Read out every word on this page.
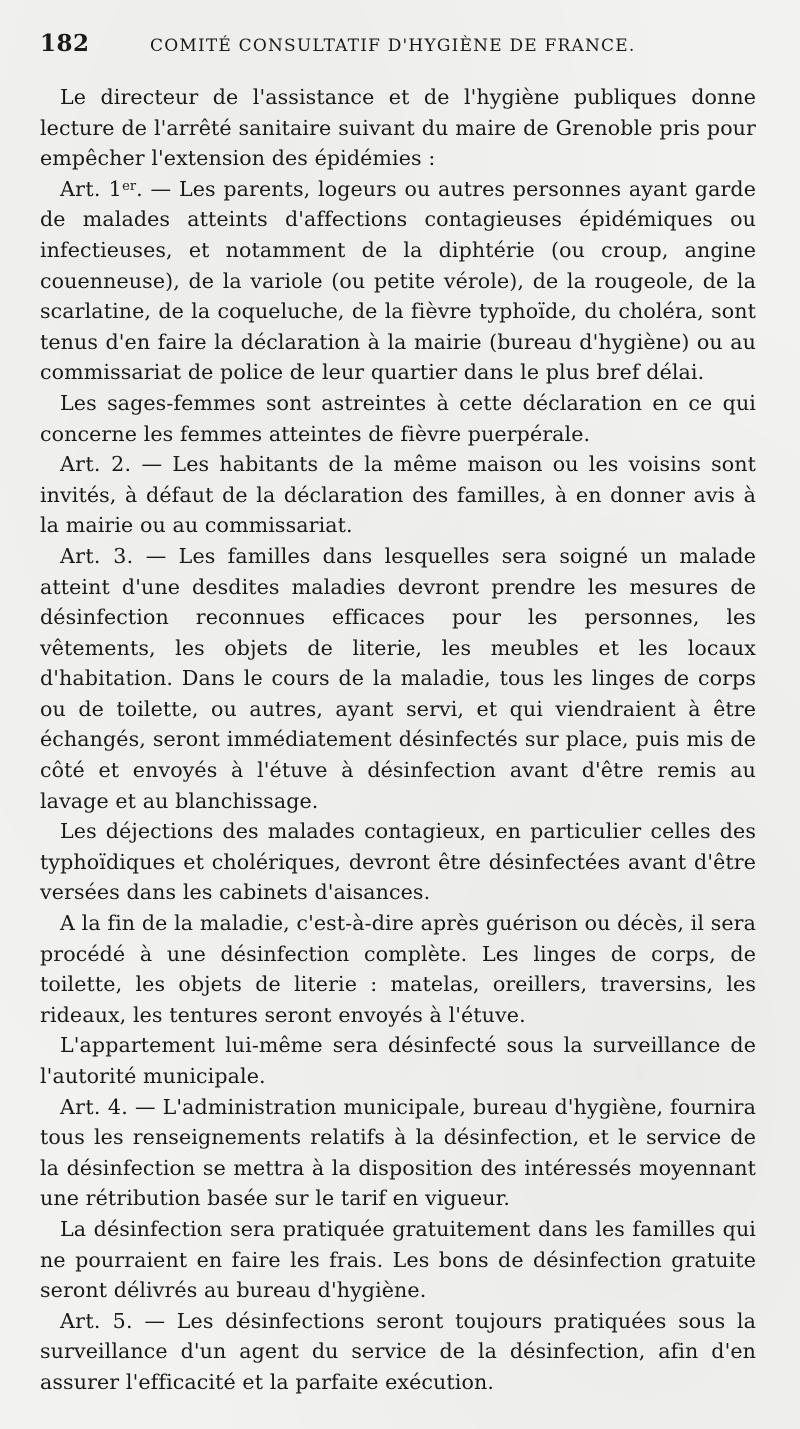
182	COMITÉ CONSULTATIF D'HYGIÈNE DE FRANCE.

Le directeur de l'assistance et de l'hygiène publiques donne lecture de l'arrêté sanitaire suivant du maire de Grenoble pris pour empêcher l'extension des épidémies :

Art. 1er. — Les parents, logeurs ou autres personnes ayant garde de malades atteints d'affections contagieuses épidémiques ou infectieuses, et notamment de la diphtérie (ou croup, angine couenneuse), de la variole (ou petite vérole), de la rougeole, de la scarlatine, de la coqueluche, de la fièvre typhoïde, du choléra, sont tenus d'en faire la déclaration à la mairie (bureau d'hygiène) ou au commissariat de police de leur quartier dans le plus bref délai.

Les sages-femmes sont astreintes à cette déclaration en ce qui concerne les femmes atteintes de fièvre puerpérale.

Art. 2. — Les habitants de la même maison ou les voisins sont invités, à défaut de la déclaration des familles, à en donner avis à la mairie ou au commissariat.

Art. 3. — Les familles dans lesquelles sera soigné un malade atteint d'une desdites maladies devront prendre les mesures de désinfection reconnues efficaces pour les personnes, les vêtements, les objets de literie, les meubles et les locaux d'habitation. Dans le cours de la maladie, tous les linges de corps ou de toilette, ou autres, ayant servi, et qui viendraient à être échangés, seront immédiatement désinfectés sur place, puis mis de côté et envoyés à l'étuve à désinfection avant d'être remis au lavage et au blanchissage.

Les déjections des malades contagieux, en particulier celles des typhoïdiques et cholériques, devront être désinfectées avant d'être versées dans les cabinets d'aisances.

A la fin de la maladie, c'est-à-dire après guérison ou décès, il sera procédé à une désinfection complète. Les linges de corps, de toilette, les objets de literie : matelas, oreillers, traversins, les rideaux, les tentures seront envoyés à l'étuve.

L'appartement lui-même sera désinfecté sous la surveillance de l'autorité municipale.

Art. 4. — L'administration municipale, bureau d'hygiène, fournira tous les renseignements relatifs à la désinfection, et le service de la désinfection se mettra à la disposition des intéressés moyennant une rétribution basée sur le tarif en vigueur.

La désinfection sera pratiquée gratuitement dans les familles qui ne pourraient en faire les frais. Les bons de désinfection gratuite seront délivrés au bureau d'hygiène.

Art. 5. — Les désinfections seront toujours pratiquées sous la surveillance d'un agent du service de la désinfection, afin d'en assurer l'efficacité et la parfaite exécution.
